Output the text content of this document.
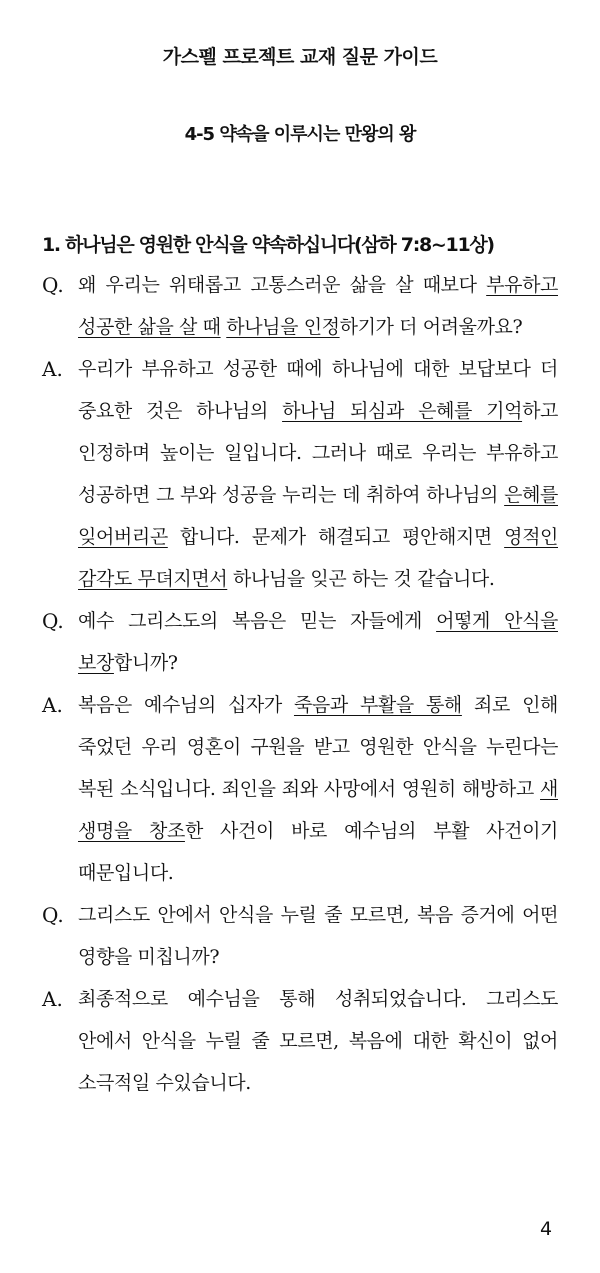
가스펠 프로젝트 교재 질문 가이드
4-5 약속을 이루시는 만왕의 왕
1. 하나님은 영원한 안식을 약속하십니다(삼하 7:8~11상)
Q. 왜 우리는 위태롭고 고통스러운 삶을 살 때보다 부유하고 성공한 삶을 살 때 하나님을 인정하기가 더 어려울까요?

A. 우리가 부유하고 성공한 때에 하나님에 대한 보답보다 더 중요한 것은 하나님의 하나님 되심과 은혜를 기억하고 인정하며 높이는 일입니다. 그러나 때로 우리는 부유하고 성공하면 그 부와 성공을 누리는 데 취하여 하나님의 은혜를 잊어버리곤 합니다. 문제가 해결되고 평안해지면 영적인 감각도 무뎌지면서 하나님을 잊곤 하는 것 같습니다.

Q. 예수 그리스도의 복음은 믿는 자들에게 어떻게 안식을 보장합니까?

A. 복음은 예수님의 십자가 죽음과 부활을 통해 죄로 인해 죽었던 우리 영혼이 구원을 받고 영원한 안식을 누린다는 복된 소식입니다. 죄인을 죄와 사망에서 영원히 해방하고 새 생명을 창조한 사건이 바로 예수님의 부활 사건이기 때문입니다.

Q. 그리스도 안에서 안식을 누릴 줄 모르면, 복음 증거에 어떤 영향을 미칩니까?

A. 최종적으로 예수님을 통해 성취되었습니다. 그리스도 안에서 안식을 누릴 줄 모르면, 복음에 대한 확신이 없어 소극적일 수있습니다.

4
